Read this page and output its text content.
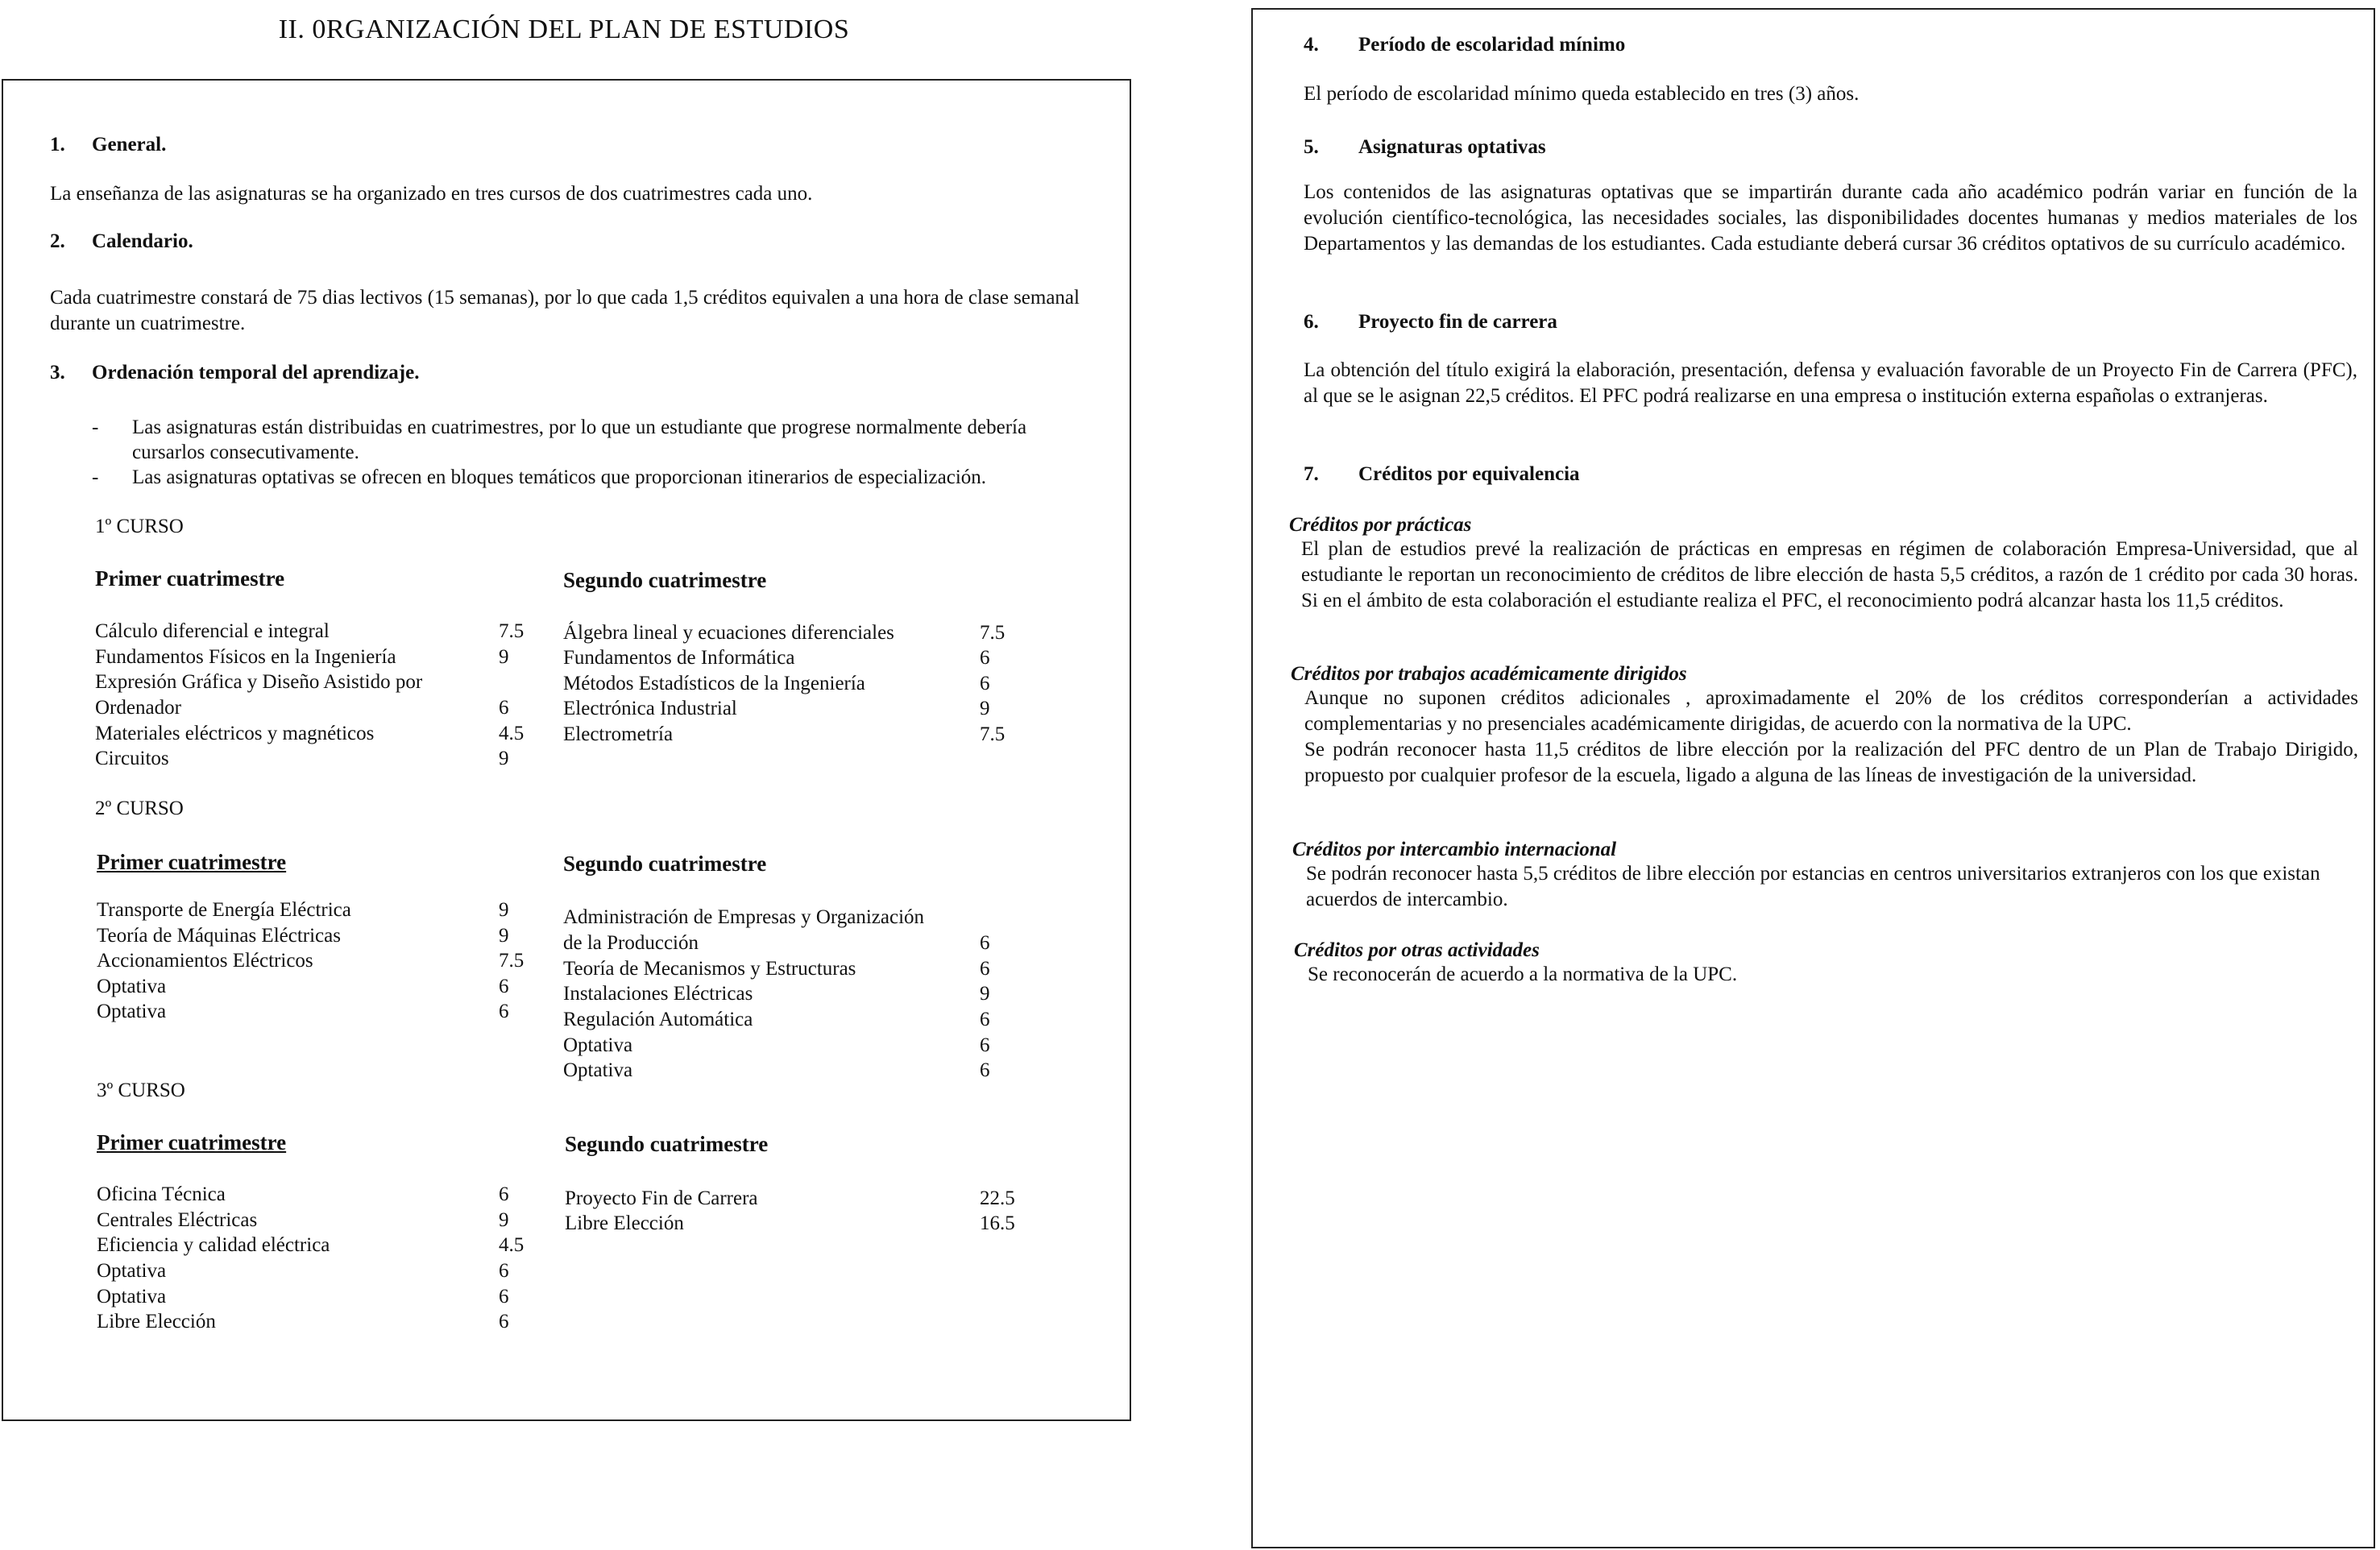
II. 0RGANIZACIÓN DEL PLAN DE ESTUDIOS
1. General.
La enseñanza de las asignaturas se ha organizado en tres cursos de dos cuatrimestres cada uno.
2. Calendario.
Cada cuatrimestre constará de 75 dias lectivos (15 semanas), por lo que cada 1,5 créditos equivalen a una hora de clase semanal durante un cuatrimestre.
3. Ordenación temporal del aprendizaje.
- Las asignaturas están distribuidas en cuatrimestres, por lo que un estudiante que progrese normalmente debería cursarlos consecutivamente.
- Las asignaturas optativas se ofrecen en bloques temáticos que proporcionan itinerarios de especialización.
1º CURSO
Primer cuatrimestre	Segundo cuatrimestre
Cálculo diferencial e integral	7.5
Fundamentos Físicos en la Ingeniería	9
Expresión Gráfica y Diseño Asistido por
Ordenador	6
Materiales eléctricos y magnéticos	4.5
Circuitos	9
Álgebra lineal y ecuaciones diferenciales	7.5
Fundamentos de Informática	6
Métodos Estadísticos de la Ingeniería	6
Electrónica Industrial	9
Electrometría	7.5
2º CURSO
Primer cuatrimestre	Segundo cuatrimestre
Transporte de Energía Eléctrica	9
Teoría de Máquinas Eléctricas	9
Accionamientos Eléctricos	7.5
Optativa	6
Optativa	6
Administración de Empresas y Organización
de la Producción	6
Teoría de Mecanismos y Estructuras	6
Instalaciones Eléctricas	9
Regulación Automática	6
Optativa	6
Optativa	6
3º CURSO
Primer cuatrimestre	Segundo cuatrimestre
Oficina Técnica	6
Centrales Eléctricas	9
Eficiencia y calidad eléctrica	4.5
Optativa	6
Optativa	6
Libre Elección	6
Proyecto Fin de Carrera	22.5
Libre Elección	16.5
4. Período de escolaridad mínimo
El período de escolaridad mínimo queda establecido en tres (3) años.
5. Asignaturas optativas
Los contenidos de las asignaturas optativas que se impartirán durante cada año académico podrán variar en función de la evolución científico-tecnológica, las necesidades sociales, las disponibilidades docentes humanas y medios materiales de los Departamentos y las demandas de los estudiantes. Cada estudiante deberá cursar 36 créditos optativos de su currículo académico.
6. Proyecto fin de carrera
La obtención del título exigirá la elaboración, presentación, defensa y evaluación favorable de un Proyecto Fin de Carrera (PFC), al que se le asignan 22,5 créditos. El PFC podrá realizarse en una empresa o institución externa españolas o extranjeras.
7. Créditos por equivalencia
Créditos por prácticas
El plan de estudios prevé la realización de prácticas en empresas en régimen de colaboración Empresa-Universidad, que al estudiante le reportan un reconocimiento de créditos de libre elección de hasta 5,5 créditos, a razón de 1 crédito por cada 30 horas. Si en el ámbito de esta colaboración el estudiante realiza el PFC, el reconocimiento podrá alcanzar hasta los 11,5 créditos.
Créditos por trabajos académicamente dirigidos
Aunque no suponen créditos adicionales , aproximadamente el 20% de los créditos corresponderían a actividades complementarias y no presenciales académicamente dirigidas, de acuerdo con la normativa de la UPC.
Se podrán reconocer hasta 11,5 créditos de libre elección por la realización del PFC dentro de un Plan de Trabajo Dirigido, propuesto por cualquier profesor de la escuela, ligado a alguna de las líneas de investigación de la universidad.
Créditos por intercambio internacional
Se podrán reconocer hasta 5,5 créditos de libre elección por estancias en centros universitarios extranjeros con los que existan acuerdos de intercambio.
Créditos por otras actividades
Se reconocerán de acuerdo a la normativa de la UPC.
